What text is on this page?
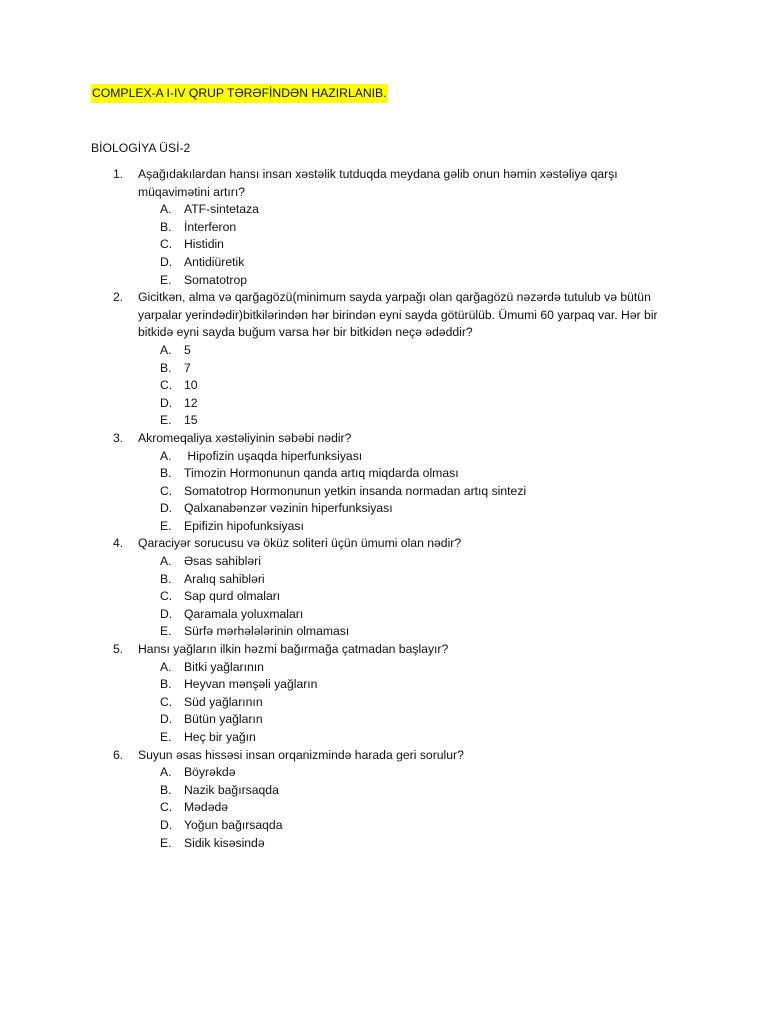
COMPLEX-A I-IV QRUP TƏRƏFİNDƏN HAZIRLANIB.
BİOLOGİYA ÜSİ-2
1. Aşağıdakılardan hansı insan xəstəlik tutduqda meydana gəlib onun həmin xəstəliyə qarşı müqavimətini artırı?
A. ATF-sintetaza
B. İnterferon
C. Histidin
D. Antidiüretik
E. Somatotrop
2. Gicitkən, alma və qarğagözü(minimum sayda yarpağı olan qarğagözü nəzərdə tutulub və bütün yarpalar yerindədir)bitkilərindən hər birindən eyni sayda götürülüb. Ümumi 60 yarpaq var. Hər bir bitkidə eyni sayda buğum varsa hər bir bitkidən neçə ədəddir?
A. 5
B. 7
C. 10
D. 12
E. 15
3. Akromeqaliya xəstəliyinin səbəbi nədir?
A. Hipofizin uşaqda hiperfunksiyası
B. Timozin Hormonunun qanda artıq miqdarda olması
C. Somatotrop Hormonunun yetkin insanda normadan artıq sintezi
D. Qalxanabənzər vəzinin hiperfunksiyası
E. Epifizin hipofunksiyası
4. Qaraciyər sorucusu və öküz soliteri üçün ümumi olan nədir?
A. Əsas sahibləri
B. Aralıq sahibləri
C. Sap qurd olmaları
D. Qaramala yoluxmaları
E. Sürfə mərhələlərinin olmaması
5. Hansı yağların ilkin həzmi bağırmağa çatmadan başlayır?
A. Bitki yağlarının
B. Heyvan mənşəli yağların
C. Süd yağlarının
D. Bütün yağların
E. Heç bir yağın
6. Suyun əsas hissəsi insan orqanizmində harada geri sorulur?
A. Böyrəkdə
B. Nazik bağırsaqda
C. Mədədə
D. Yoğun bağırsaqda
E. Sidik kisəsində
